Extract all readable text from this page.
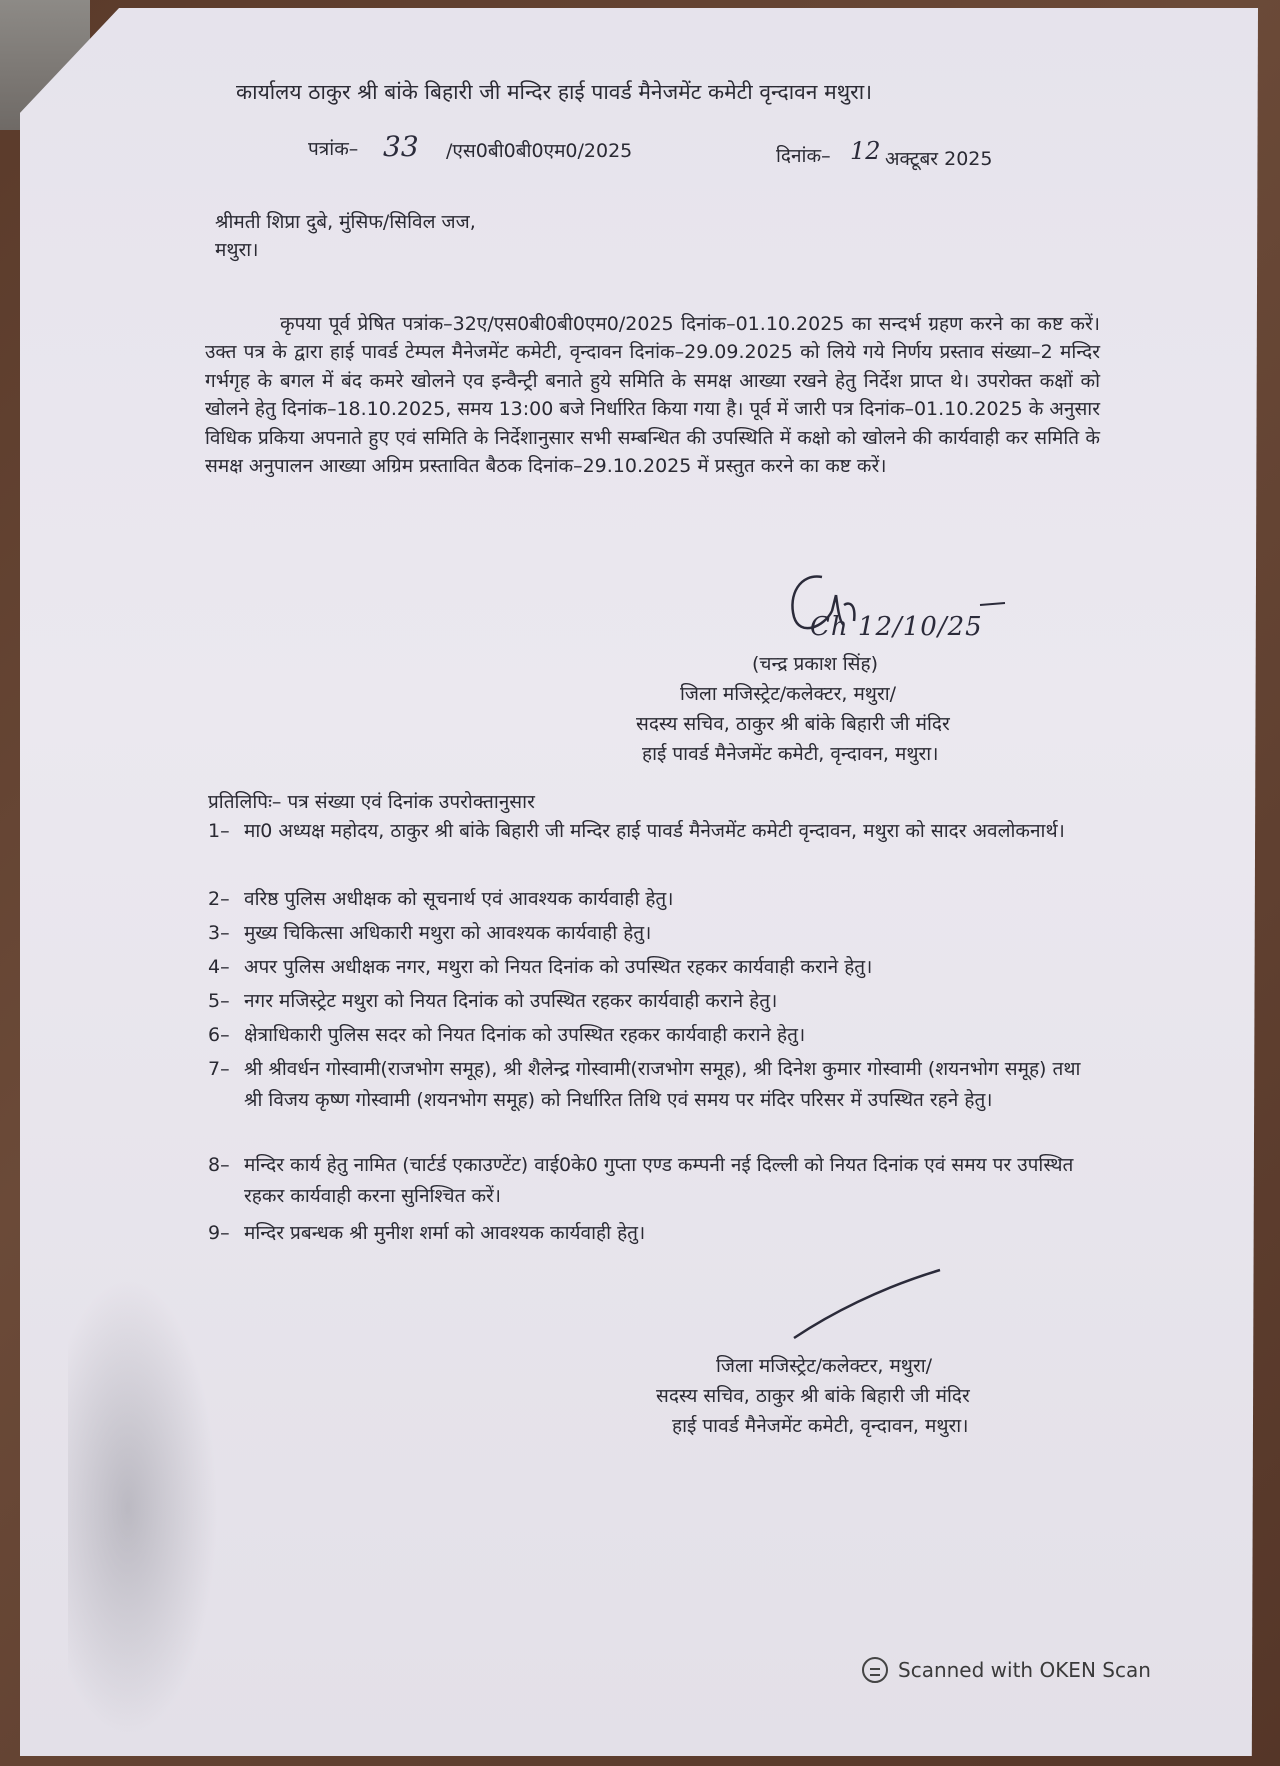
कार्यालय ठाकुर श्री बांके बिहारी जी मन्दिर हाई पावर्ड मैनेजमेंट कमेटी वृन्दावन मथुरा।
पत्रांक– 33 /एस0बी0बी0एम0/2025	दिनांक– 12 अक्टूबर 2025
श्रीमती शिप्रा दुबे, मुंसिफ/सिविल जज,
मथुरा।
कृपया पूर्व प्रेषित पत्रांक–32ए/एस0बी0बी0एम0/2025 दिनांक–01.10.2025 का सन्दर्भ ग्रहण करने का कष्ट करें। उक्त पत्र के द्वारा हाई पावर्ड टेम्पल मैनेजमेंट कमेटी, वृन्दावन दिनांक–29.09.2025 को लिये गये निर्णय प्रस्ताव संख्या–2 मन्दिर गर्भगृह के बगल में बंद कमरे खोलने एव इन्वैन्ट्री बनाते हुये समिति के समक्ष आख्या रखने हेतु निर्देश प्राप्त थे। उपरोक्त कक्षों को खोलने हेतु दिनांक–18.10.2025, समय 13:00 बजे निर्धारित किया गया है। पूर्व में जारी पत्र दिनांक–01.10.2025 के अनुसार विधिक प्रकिया अपनाते हुए एवं समिति के निर्देशानुसार सभी सम्बन्धित की उपस्थिति में कक्षो को खोलने की कार्यवाही कर समिति के समक्ष अनुपालन आख्या अग्रिम प्रस्तावित बैठक दिनांक–29.10.2025 में प्रस्तुत करने का कष्ट करें।
Ch 12/10/25
(चन्द्र प्रकाश सिंह)
जिला मजिस्ट्रेट/कलेक्टर, मथुरा/
सदस्य सचिव, ठाकुर श्री बांके बिहारी जी मंदिर
हाई पावर्ड मैनेजमेंट कमेटी, वृन्दावन, मथुरा।
प्रतिलिपिः– पत्र संख्या एवं दिनांक उपरोक्तानुसार
1– मा0 अध्यक्ष महोदय, ठाकुर श्री बांके बिहारी जी मन्दिर हाई पावर्ड मैनेजमेंट कमेटी वृन्दावन, मथुरा को सादर अवलोकनार्थ।
2– वरिष्ठ पुलिस अधीक्षक को सूचनार्थ एवं आवश्यक कार्यवाही हेतु।
3– मुख्य चिकित्सा अधिकारी मथुरा को आवश्यक कार्यवाही हेतु।
4– अपर पुलिस अधीक्षक नगर, मथुरा को नियत दिनांक को उपस्थित रहकर कार्यवाही कराने हेतु।
5– नगर मजिस्ट्रेट मथुरा को नियत दिनांक को उपस्थित रहकर कार्यवाही कराने हेतु।
6– क्षेत्राधिकारी पुलिस सदर को नियत दिनांक को उपस्थित रहकर कार्यवाही कराने हेतु।
7– श्री श्रीवर्धन गोस्वामी(राजभोग समूह), श्री शैलेन्द्र गोस्वामी(राजभोग समूह), श्री दिनेश कुमार गोस्वामी (शयनभोग समूह) तथा श्री विजय कृष्ण गोस्वामी (शयनभोग समूह) को निर्धारित तिथि एवं समय पर मंदिर परिसर में उपस्थित रहने हेतु।
8– मन्दिर कार्य हेतु नामित (चार्टर्ड एकाउण्टेंट) वाई0के0 गुप्ता एण्ड कम्पनी नई दिल्ली को नियत दिनांक एवं समय पर उपस्थित रहकर कार्यवाही करना सुनिश्चित करें।
9– मन्दिर प्रबन्धक श्री मुनीश शर्मा को आवश्यक कार्यवाही हेतु।
जिला मजिस्ट्रेट/कलेक्टर, मथुरा/
सदस्य सचिव, ठाकुर श्री बांके बिहारी जी मंदिर
हाई पावर्ड मैनेजमेंट कमेटी, वृन्दावन, मथुरा।
Scanned with OKEN Scan
